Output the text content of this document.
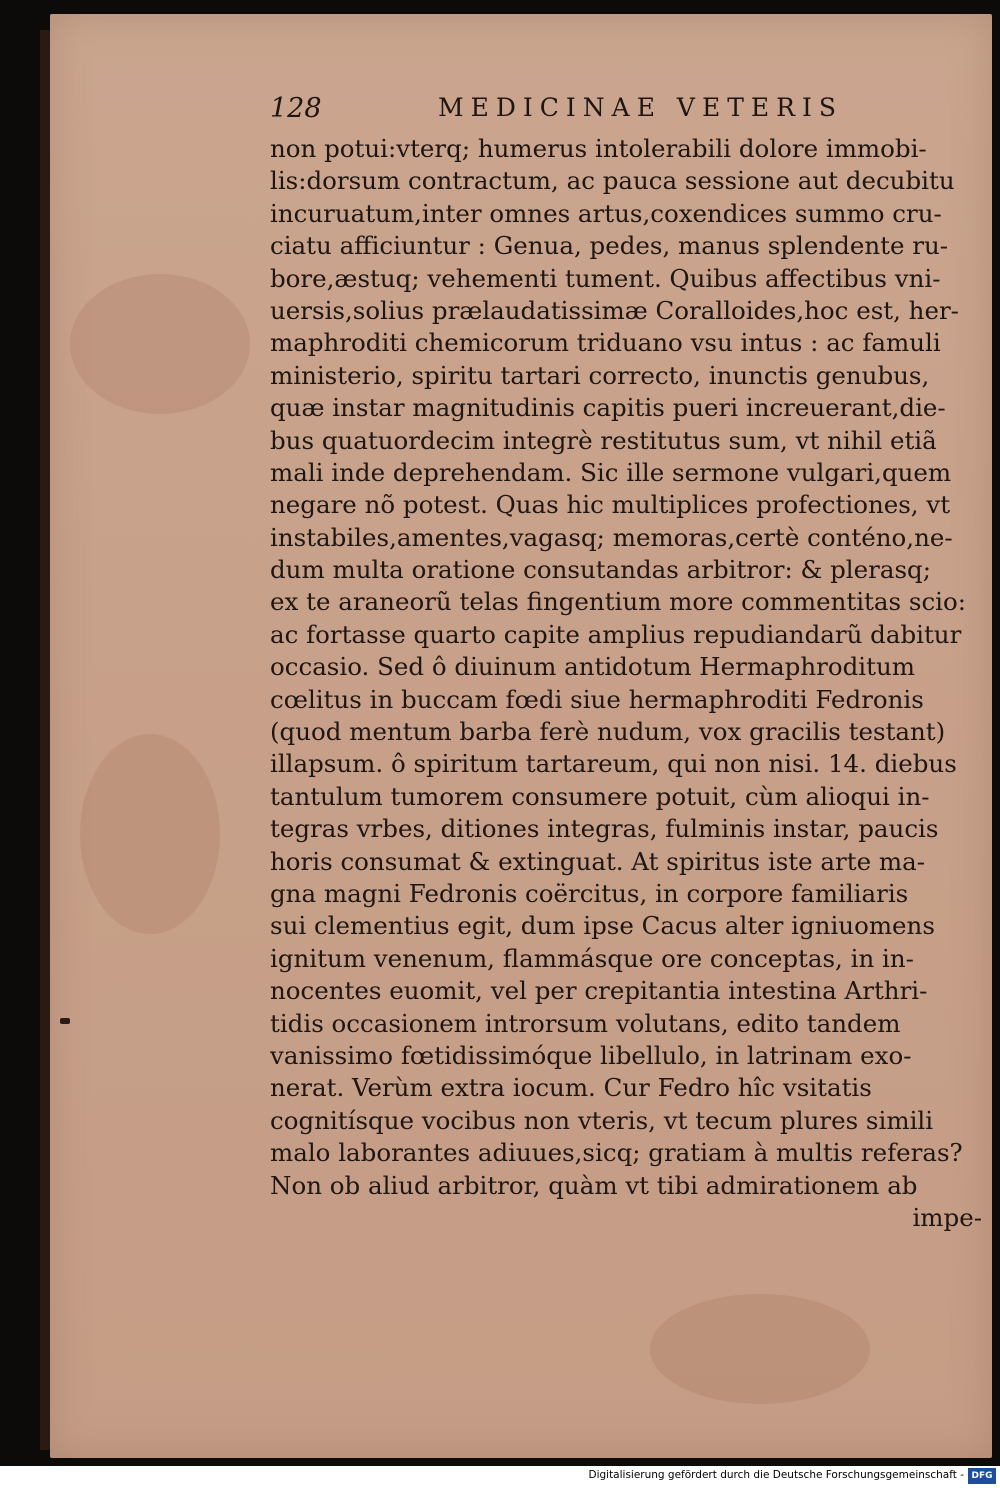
128	MEDICINAE VETERIS
non potui:vterq; humerus intolerabili dolore immobi-
lis:dorsum contractum, ac pauca sessione aut decubitu
incuruatum,inter omnes artus,coxendices summo cru-
ciatu afficiuntur : Genua, pedes, manus splendente ru-
bore,æstuq; vehementi tument. Quibus affectibus vni-
uersis,solius prælaudatissimæ Coralloides,hoc est, her-
maphroditi chemicorum triduano vsu intus : ac famuli
ministerio, spiritu tartari correcto, inunctis genubus,
quæ instar magnitudinis capitis pueri increuerant,die-
bus quatuordecim integrè restitutus sum, vt nihil etiã
mali inde deprehendam. Sic ille sermone vulgari,quem
negare nõ potest. Quas hic multiplices profectiones, vt
instabiles,amentes,vagasq; memoras,certè conténo,ne-
dum multa oratione consutandas arbitror: & plerasq;
ex te araneorũ telas fingentium more commentitas scio:
ac fortasse quarto capite amplius repudiandarũ dabitur
occasio. Sed ô diuinum antidotum Hermaphroditum
cœlitus in buccam fœdi siue hermaphroditi Fedronis
(quod mentum barba ferè nudum, vox gracilis testant)
illapsum. ô spiritum tartareum, qui non nisi. 14. diebus
tantulum tumorem consumere potuit, cùm alioqui in-
tegras vrbes, ditiones integras, fulminis instar, paucis
horis consumat & extinguat. At spiritus iste arte ma-
gna magni Fedronis coërcitus, in corpore familiaris
sui clementius egit, dum ipse Cacus alter igniuomens
ignitum venenum, flammásque ore conceptas, in in-
nocentes euomit, vel per crepitantia intestina Arthri-
tidis occasionem introrsum volutans, edito tandem
vanissimo fœtidissimóque libellulo, in latrinam exo-
nerat. Verùm extra iocum. Cur Fedro hîc vsitatis
cognitísque vocibus non vteris, vt tecum plures simili
malo laborantes adiuues,sicq; gratiam à multis referas?
Non ob aliud arbitror, quàm vt tibi admirationem ab
impe-
Digitalisierung gefördert durch die Deutsche Forschungsgemeinschaft - DFG
